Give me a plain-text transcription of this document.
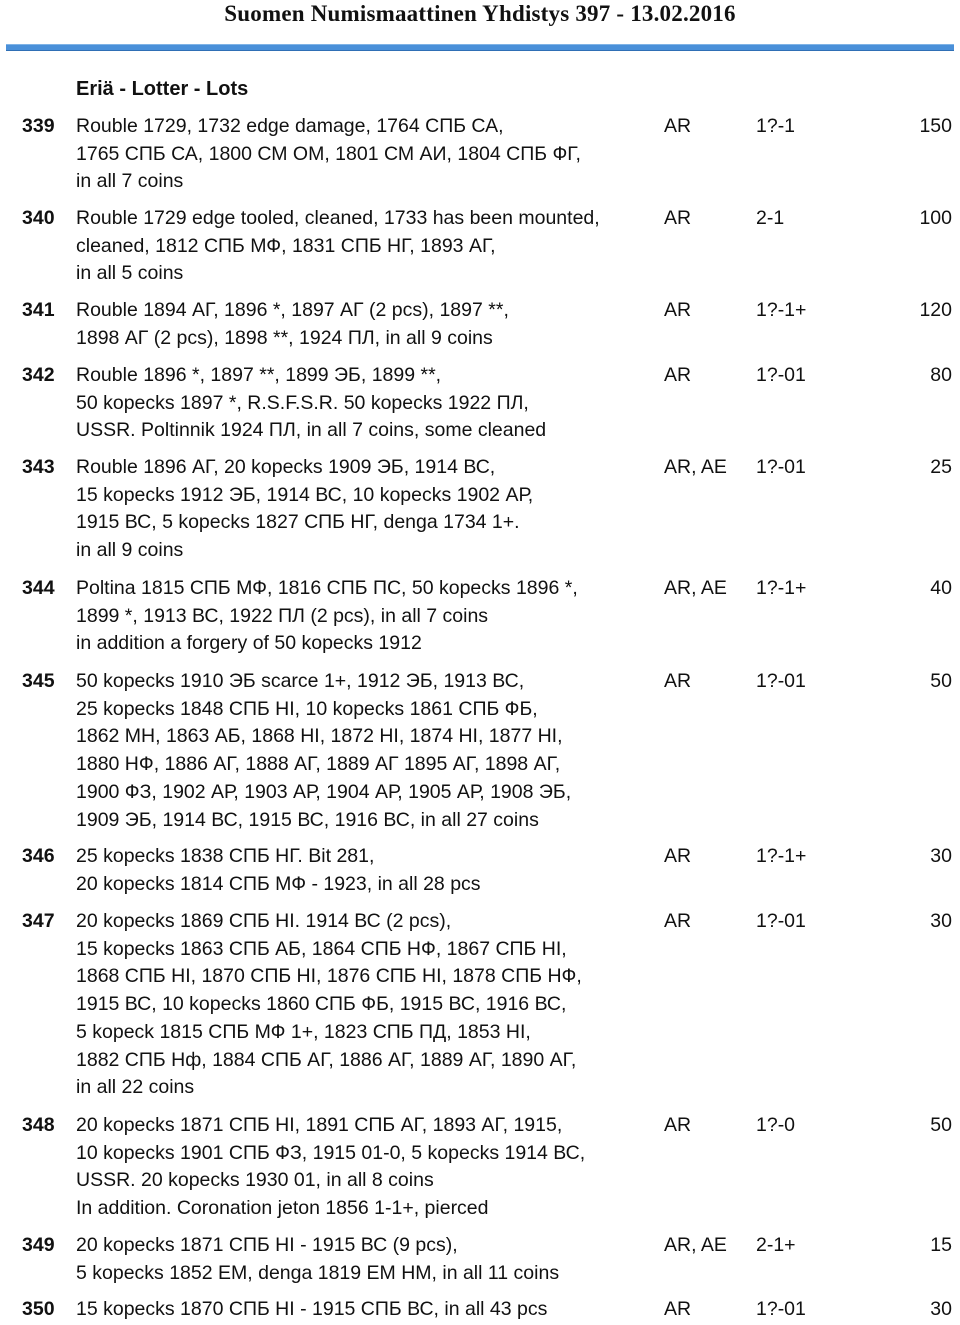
Suomen Numismaattinen Yhdistys 397 - 13.02.2016
Eriä - Lotter - Lots
339	Rouble 1729, 1732 edge damage, 1764 СПБ СА,
1765 СПБ СА, 1800 СМ ОМ, 1801 СМ АИ, 1804 СПБ ФГ,
in all 7 coins
AR	1?-1	150
340	Rouble 1729 edge tooled, cleaned, 1733 has been mounted,
cleaned, 1812 СПБ МФ, 1831 СПБ НГ, 1893 АГ,
in all 5 coins
AR	2-1	100
341	Rouble 1894 АГ, 1896 *, 1897 АГ (2 pcs), 1897 **,
1898 АГ (2 pcs), 1898 **, 1924 ПЛ, in all 9 coins
AR	1?-1+	120
342	Rouble 1896 *, 1897 **, 1899 ЭБ, 1899 **,
50 kopecks 1897 *, R.S.F.S.R. 50 kopecks 1922 ПЛ,
USSR. Poltinnik 1924 ПЛ, in all 7 coins, some cleaned
AR	1?-01	80
343	Rouble 1896 АГ, 20 kopecks 1909 ЭБ, 1914 ВС,
15 kopecks 1912 ЭБ, 1914 ВС, 10 kopecks 1902 АР,
1915 ВС, 5 kopecks 1827 СПБ НГ, denga 1734 1+.
in all 9 coins
AR, AE 1?-01	25
344	Poltina 1815 СПБ МФ, 1816 СПБ ПС, 50 kopecks 1896 *,
1899 *, 1913 ВС, 1922 ПЛ (2 pcs), in all 7 coins
in addition a forgery of 50 kopecks 1912
AR, AE 1?-1+	40
345	50 kopecks 1910 ЭБ scarce 1+, 1912 ЭБ, 1913 ВС,
25 kopecks 1848 СПБ HI, 10 kopecks 1861 СПБ ФБ,
1862 МН, 1863 АБ, 1868 HI, 1872 HI, 1874 HI, 1877 HI,
1880 НФ, 1886 АГ, 1888 АГ, 1889 АГ 1895 АГ, 1898 АГ,
1900 ФЗ, 1902 АР, 1903 АР, 1904 АР, 1905 АР, 1908 ЭБ,
1909 ЭБ, 1914 ВС, 1915 ВС, 1916 ВС, in all 27 coins
AR	1?-01	50
346	25 kopecks 1838 СПБ НГ. Bit 281,
20 kopecks 1814 СПБ МФ - 1923, in all 28 pcs
AR	1?-1+	30
347	20 kopecks 1869 СПБ HI. 1914 ВС (2 pcs),
15 kopecks 1863 СПБ АБ, 1864 СПБ НФ, 1867 СПБ HI,
1868 СПБ HI, 1870 СПБ HI, 1876 СПБ HI, 1878 СПБ НФ,
1915 ВС, 10 kopecks 1860 СПБ ФБ, 1915 ВС, 1916 ВС,
5 kopeck 1815 СПБ МФ 1+, 1823 СПБ ПД, 1853 HI,
1882 СПБ Нф, 1884 СПБ АГ, 1886 АГ, 1889 АГ, 1890 АГ,
in all 22 coins
AR	1?-01	30
348	20 kopecks 1871 СПБ HI, 1891 СПБ АГ, 1893 АГ, 1915,
10 kopecks 1901 СПБ ФЗ, 1915 01-0, 5 kopecks 1914 ВС,
USSR. 20 kopecks 1930 01, in all 8 coins
In addition. Coronation jeton 1856 1-1+, pierced
AR	1?-0	50
349	20 kopecks 1871 СПБ HI - 1915 ВС (9 pcs),
5 kopecks 1852 ЕМ, denga 1819 ЕМ НМ, in all 11 coins
AR, AE 2-1+	15
350	15 kopecks 1870 СПБ HI - 1915 СПБ ВС, in all 43 pcs	AR	1?-01	30
